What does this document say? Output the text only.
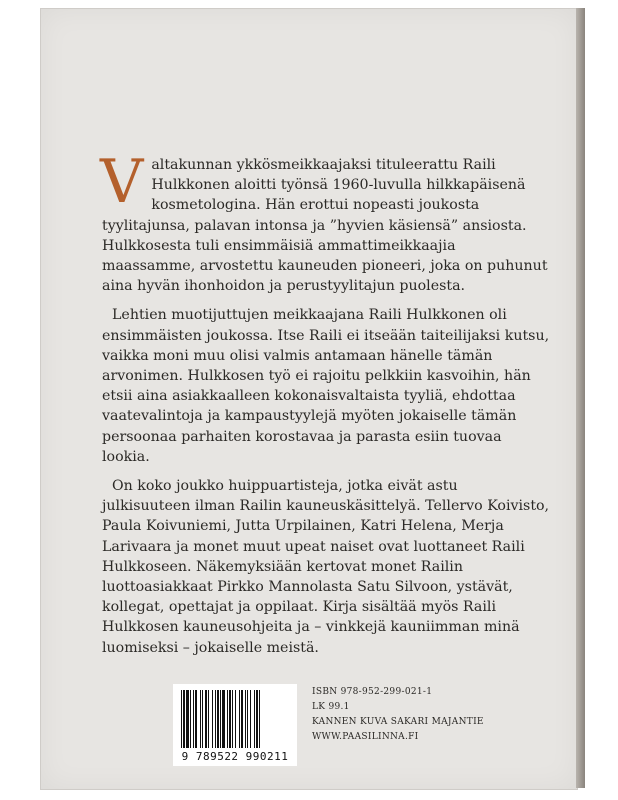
Valtakunnan ykkösmeikkaajaksi tituleerattu Raili Hulkkonen aloitti työnsä 1960-luvulla hilkkapäisenä kosmetologina. Hän erottui nopeasti joukosta tyylitajunsa, palavan intonsa ja ”hyvien käsiensä” ansiosta. Hulkkosesta tuli ensimmäisiä ammattimeikkaajia maassamme, arvostettu kauneuden pioneeri, joka on puhunut aina hyvän ihonhoidon ja perustyylitajun puolesta.

Lehtien muotijuttujen meikkaajana Raili Hulkkonen oli ensimmäisten joukossa. Itse Raili ei itseään taiteilijaksi kutsu, vaikka moni muu olisi valmis antamaan hänelle tämän arvonimen. Hulkkosen työ ei rajoitu pelkkiin kasvoihin, hän etsii aina asiakkaalleen kokonaisvaltaista tyyliä, ehdottaa vaatevalintoja ja kampaustyylejä myöten jokaiselle tämän persoonaa parhaiten korostavaa ja parasta esiin tuovaa lookia.

On koko joukko huippuartisteja, jotka eivät astu julkisuuteen ilman Railin kauneuskäsittelyä. Tellervo Koivisto, Paula Koivuniemi, Jutta Urpilainen, Katri Helena, Merja Larivaara ja monet muut upeat naiset ovat luottaneet Raili Hulkkoseen. Näkemyksiään kertovat monet Railin luottoasiakkaat Pirkko Mannolasta Satu Silvoon, ystävät, kollegat, opettajat ja oppilaat. Kirja sisältää myös Raili Hulkkosen kauneusohjeita ja – vinkkejä kauniimman minä luomiseksi – jokaiselle meistä.

9 789522 990211
ISBN 978-952-299-021-1
LK 99.1
KANNEN KUVA SAKARI MAJANTIE
WWW.PAASILINNA.FI
